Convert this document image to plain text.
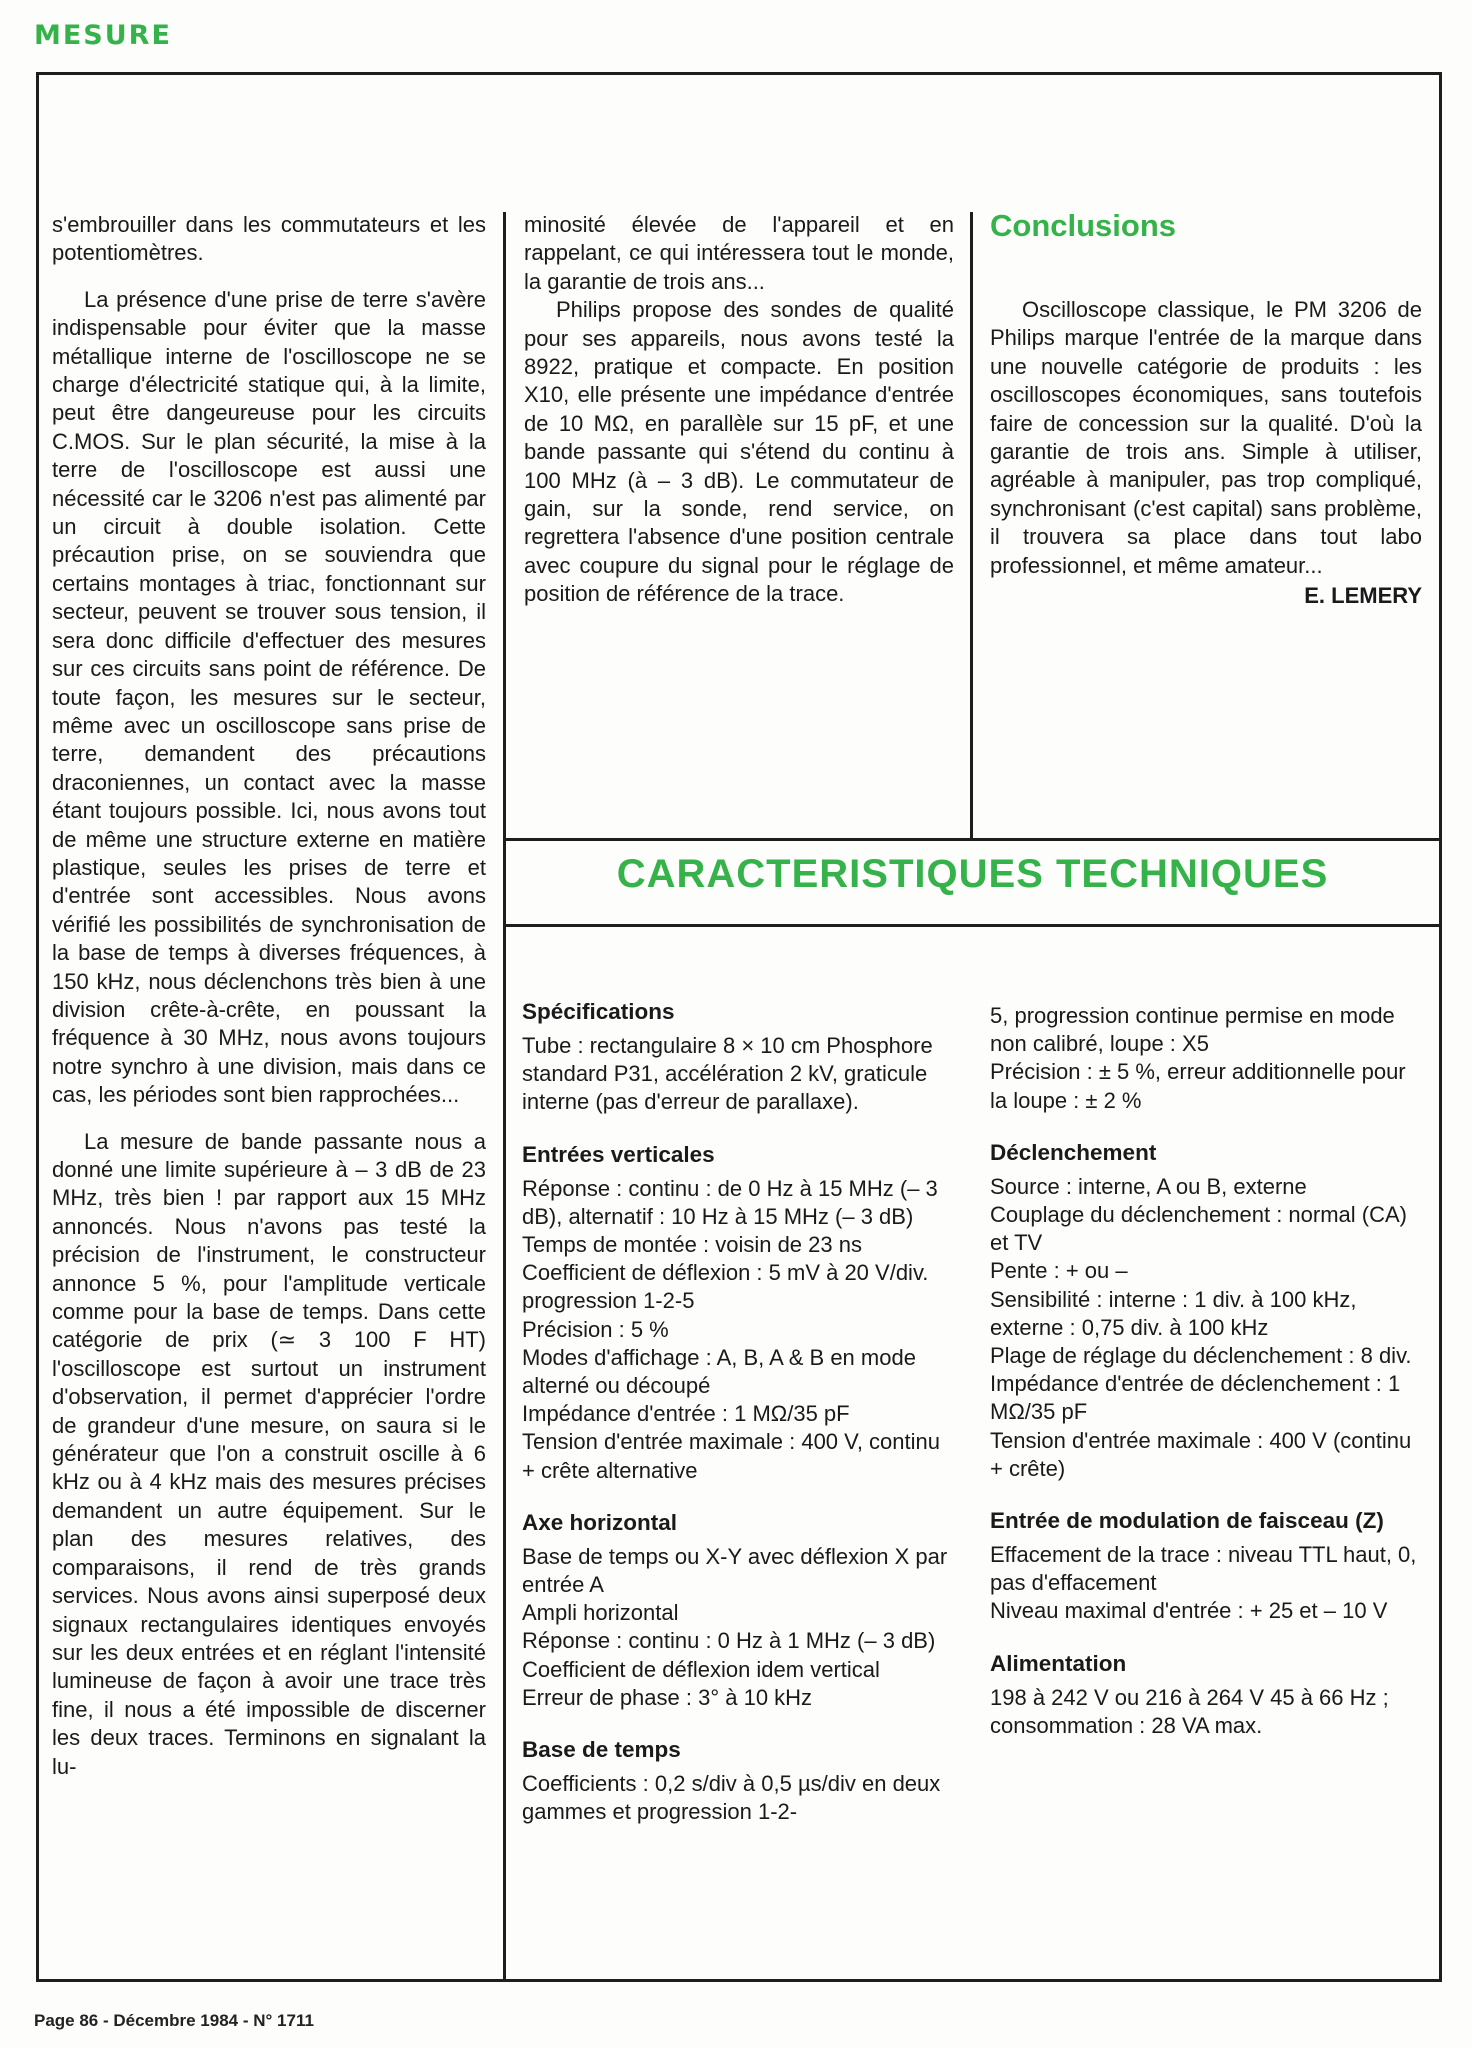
MESURE

s'embrouiller dans les commutateurs et les potentiomètres.

La présence d'une prise de terre s'avère indispensable pour éviter que la masse métallique interne de l'oscilloscope ne se charge d'électricité statique qui, à la limite, peut être dangeureuse pour les circuits C.MOS. Sur le plan sécurité, la mise à la terre de l'oscilloscope est aussi une nécessité car le 3206 n'est pas alimenté par un circuit à double isolation. Cette précaution prise, on se souviendra que certains montages à triac, fonctionnant sur secteur, peuvent se trouver sous tension, il sera donc difficile d'effectuer des mesures sur ces circuits sans point de référence. De toute façon, les mesures sur le secteur, même avec un oscilloscope sans prise de terre, demandent des précautions draconiennes, un contact avec la masse étant toujours possible. Ici, nous avons tout de même une structure externe en matière plastique, seules les prises de terre et d'entrée sont accessibles. Nous avons vérifié les possibilités de synchronisation de la base de temps à diverses fréquences, à 150 kHz, nous déclenchons très bien à une division crête-à-crête, en poussant la fréquence à 30 MHz, nous avons toujours notre synchro à une division, mais dans ce cas, les périodes sont bien rapprochées...

La mesure de bande passante nous a donné une limite supérieure à – 3 dB de 23 MHz, très bien ! par rapport aux 15 MHz annoncés. Nous n'avons pas testé la précision de l'instrument, le constructeur annonce 5 %, pour l'amplitude verticale comme pour la base de temps. Dans cette catégorie de prix (≃ 3 100 F HT) l'oscilloscope est surtout un instrument d'observation, il permet d'apprécier l'ordre de grandeur d'une mesure, on saura si le générateur que l'on a construit oscille à 6 kHz ou à 4 kHz mais des mesures précises demandent un autre équipement. Sur le plan des mesures relatives, des comparaisons, il rend de très grands services. Nous avons ainsi superposé deux signaux rectangulaires identiques envoyés sur les deux entrées et en réglant l'intensité lumineuse de façon à avoir une trace très fine, il nous a été impossible de discerner les deux traces. Terminons en signalant la lu-

minosité élevée de l'appareil et en rappelant, ce qui intéressera tout le monde, la garantie de trois ans...

Philips propose des sondes de qualité pour ses appareils, nous avons testé la 8922, pratique et compacte. En position X10, elle présente une impédance d'entrée de 10 MΩ, en parallèle sur 15 pF, et une bande passante qui s'étend du continu à 100 MHz (à – 3 dB). Le commutateur de gain, sur la sonde, rend service, on regrettera l'absence d'une position centrale avec coupure du signal pour le réglage de position de référence de la trace.

Conclusions

Oscilloscope classique, le PM 3206 de Philips marque l'entrée de la marque dans une nouvelle catégorie de produits : les oscilloscopes économiques, sans toutefois faire de concession sur la qualité. D'où la garantie de trois ans. Simple à utiliser, agréable à manipuler, pas trop compliqué, synchronisant (c'est capital) sans problème, il trouvera sa place dans tout labo professionnel, et même amateur...

E. LEMERY
CARACTERISTIQUES TECHNIQUES
Spécifications
Tube : rectangulaire 8 × 10 cm Phosphore standard P31, accélération 2 kV, graticule interne (pas d'erreur de parallaxe).
Entrées verticales
Réponse : continu : de 0 Hz à 15 MHz (– 3 dB), alternatif : 10 Hz à 15 MHz (– 3 dB)
Temps de montée : voisin de 23 ns
Coefficient de déflexion : 5 mV à 20 V/div. progression 1-2-5
Précision : 5 %
Modes d'affichage : A, B, A & B en mode alterné ou découpé
Impédance d'entrée : 1 MΩ/35 pF
Tension d'entrée maximale : 400 V, continu + crête alternative
Axe horizontal
Base de temps ou X-Y avec déflexion X par entrée A
Ampli horizontal
Réponse : continu : 0 Hz à 1 MHz (– 3 dB)
Coefficient de déflexion idem vertical
Erreur de phase : 3° à 10 kHz
Base de temps
Coefficients : 0,2 s/div à 0,5 µs/div en deux gammes et progression 1-2-
5, progression continue permise en mode non calibré, loupe : X5
Précision : ± 5 %, erreur additionnelle pour la loupe : ± 2 %
Déclenchement
Source : interne, A ou B, externe
Couplage du déclenchement : normal (CA) et TV
Pente : + ou –
Sensibilité : interne : 1 div. à 100 kHz, externe : 0,75 div. à 100 kHz
Plage de réglage du déclenchement : 8 div.
Impédance d'entrée de déclenchement : 1 MΩ/35 pF
Tension d'entrée maximale : 400 V (continu + crête)
Entrée de modulation de faisceau (Z)
Effacement de la trace : niveau TTL haut, 0, pas d'effacement
Niveau maximal d'entrée : + 25 et – 10 V
Alimentation
198 à 242 V ou 216 à 264 V 45 à 66 Hz ; consommation : 28 VA max.
Page 86 - Décembre 1984 - N° 1711
